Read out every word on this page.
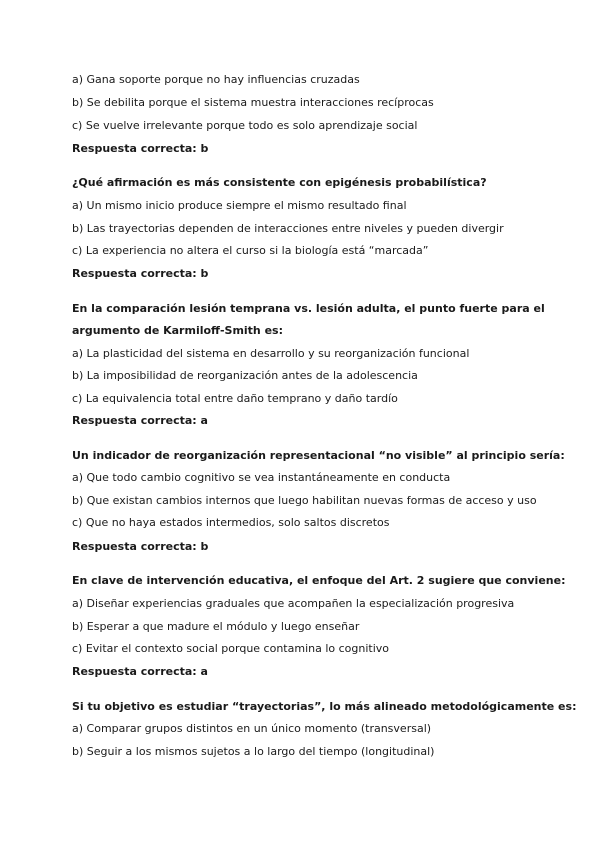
a) Gana soporte porque no hay influencias cruzadas
b) Se debilita porque el sistema muestra interacciones recíprocas
c) Se vuelve irrelevante porque todo es solo aprendizaje social
Respuesta correcta: b
¿Qué afirmación es más consistente con epigénesis probabilística?
a) Un mismo inicio produce siempre el mismo resultado final
b) Las trayectorias dependen de interacciones entre niveles y pueden divergir
c) La experiencia no altera el curso si la biología está “marcada”
Respuesta correcta: b
En la comparación lesión temprana vs. lesión adulta, el punto fuerte para el
argumento de Karmiloff-Smith es:
a) La plasticidad del sistema en desarrollo y su reorganización funcional
b) La imposibilidad de reorganización antes de la adolescencia
c) La equivalencia total entre daño temprano y daño tardío
Respuesta correcta: a
Un indicador de reorganización representacional “no visible” al principio sería:
a) Que todo cambio cognitivo se vea instantáneamente en conducta
b) Que existan cambios internos que luego habilitan nuevas formas de acceso y uso
c) Que no haya estados intermedios, solo saltos discretos
Respuesta correcta: b
En clave de intervención educativa, el enfoque del Art. 2 sugiere que conviene:
a) Diseñar experiencias graduales que acompañen la especialización progresiva
b) Esperar a que madure el módulo y luego enseñar
c) Evitar el contexto social porque contamina lo cognitivo
Respuesta correcta: a
Si tu objetivo es estudiar “trayectorias”, lo más alineado metodológicamente es:
a) Comparar grupos distintos en un único momento (transversal)
b) Seguir a los mismos sujetos a lo largo del tiempo (longitudinal)
